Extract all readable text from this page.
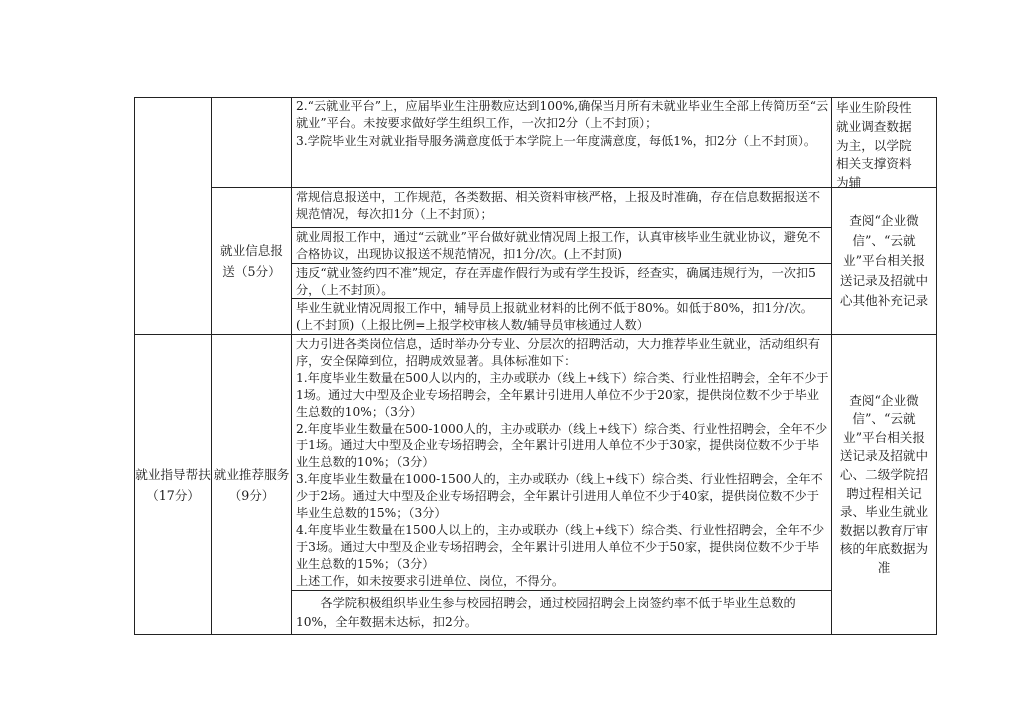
2.“云就业平台”上，应届毕业生注册数应达到100%,确保当月所有未就业毕业生全部上传简历至“云就业”平台。未按要求做好学生组织工作，一次扣2分（上不封顶）；
3.学院毕业生对就业指导服务满意度低于本学院上一年度满意度，每低1%，扣2分（上不封顶）。
毕业生阶段性就业调查数据为主，以学院相关支撑资料为辅
就业信息报送（5分）
常规信息报送中，工作规范，各类数据、相关资料审核严格，上报及时准确，存在信息数据报送不规范情况，每次扣1分（上不封顶）；
就业周报工作中，通过“云就业”平台做好就业情况周上报工作，认真审核毕业生就业协议，避免不合格协议，出现协议报送不规范情况，扣1分/次。(上不封顶)
违反“就业签约四不准”规定，存在弄虚作假行为或有学生投诉，经查实，确属违规行为，一次扣5分，（上不封顶）。
毕业生就业情况周报工作中，辅导员上报就业材料的比例不低于80%。如低于80%，扣1分/次。(上不封顶)（上报比例=上报学校审核人数/辅导员审核通过人数）
查阅“企业微信”、“云就业”平台相关报送记录及招就中心其他补充记录
就业指导帮扶
（17分）
就业推荐服务
（9分）
大力引进各类岗位信息，适时举办分专业、分层次的招聘活动，大力推荐毕业生就业，活动组织有序，安全保障到位，招聘成效显著。具体标准如下：
1.年度毕业生数量在500人以内的，主办或联办（线上+线下）综合类、行业性招聘会，全年不少于1场。通过大中型及企业专场招聘会，全年累计引进用人单位不少于20家，提供岗位数不少于毕业生总数的10%；（3分）
2.年度毕业生数量在500-1000人的，主办或联办（线上+线下）综合类、行业性招聘会，全年不少于1场。通过大中型及企业专场招聘会，全年累计引进用人单位不少于30家，提供岗位数不少于毕业生总数的10%；（3分）
3.年度毕业生数量在1000-1500人的，主办或联办（线上+线下）综合类、行业性招聘会，全年不少于2场。通过大中型及企业专场招聘会，全年累计引进用人单位不少于40家，提供岗位数不少于毕业生总数的15%；（3分）
4.年度毕业生数量在1500人以上的，主办或联办（线上+线下）综合类、行业性招聘会，全年不少于3场。通过大中型及企业专场招聘会，全年累计引进用人单位不少于50家，提供岗位数不少于毕业生总数的15%；（3分）
上述工作，如未按要求引进单位、岗位，不得分。
各学院积极组织毕业生参与校园招聘会，通过校园招聘会上岗签约率不低于毕业生总数的10%，全年数据未达标，扣2分。
查阅“企业微信”、“云就业”平台相关报送记录及招就中心、二级学院招聘过程相关记录、毕业生就业数据以教育厅审核的年底数据为准
